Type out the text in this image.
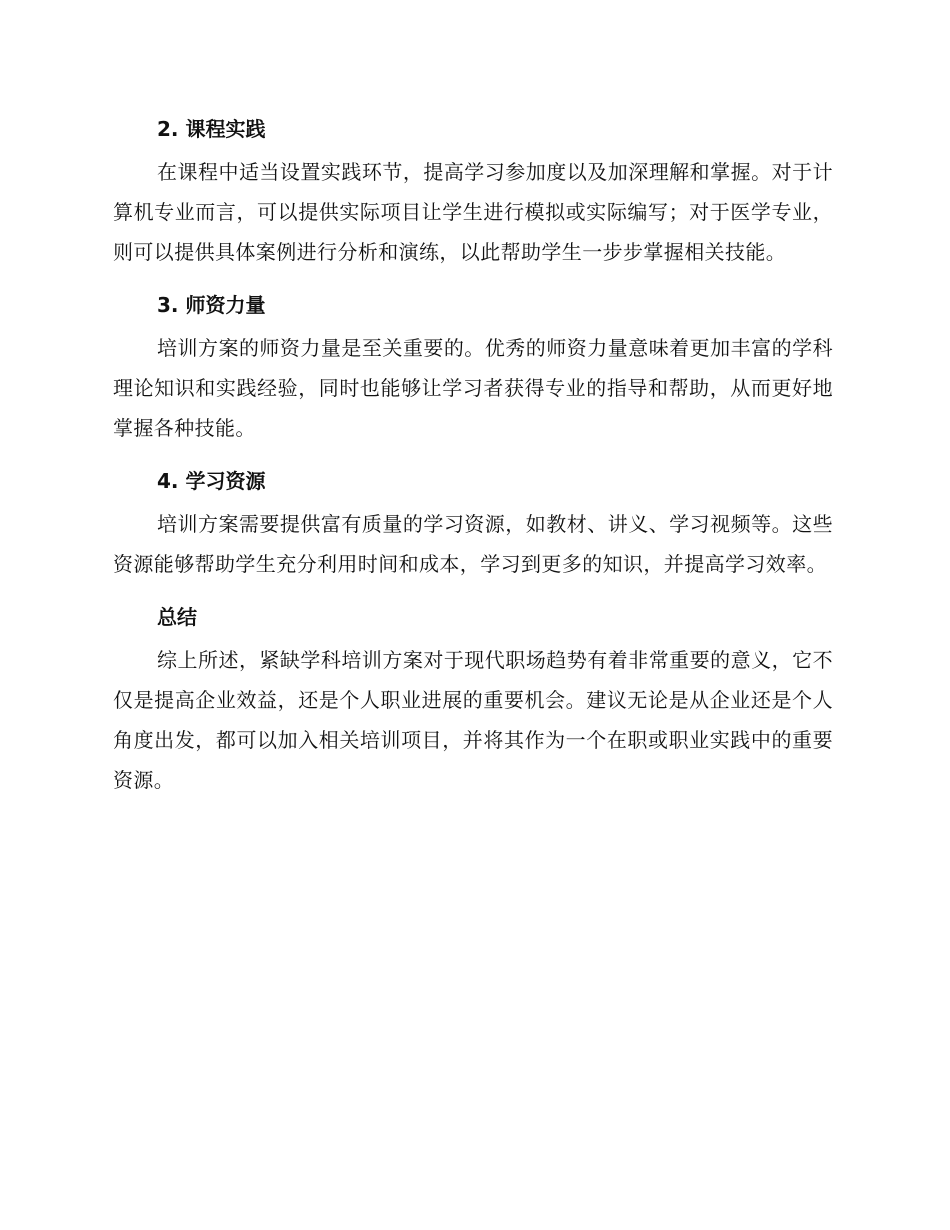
2. 课程实践

在课程中适当设置实践环节，提高学习参加度以及加深理解和掌握。对于计算机专业而言，可以提供实际项目让学生进行模拟或实际编写；对于医学专业，则可以提供具体案例进行分析和演练，以此帮助学生一步步掌握相关技能。

3. 师资力量

培训方案的师资力量是至关重要的。优秀的师资力量意味着更加丰富的学科理论知识和实践经验，同时也能够让学习者获得专业的指导和帮助，从而更好地掌握各种技能。

4. 学习资源

培训方案需要提供富有质量的学习资源，如教材、讲义、学习视频等。这些资源能够帮助学生充分利用时间和成本，学习到更多的知识，并提高学习效率。

总结

综上所述，紧缺学科培训方案对于现代职场趋势有着非常重要的意义，它不仅是提高企业效益，还是个人职业进展的重要机会。建议无论是从企业还是个人角度出发，都可以加入相关培训项目，并将其作为一个在职或职业实践中的重要资源。
